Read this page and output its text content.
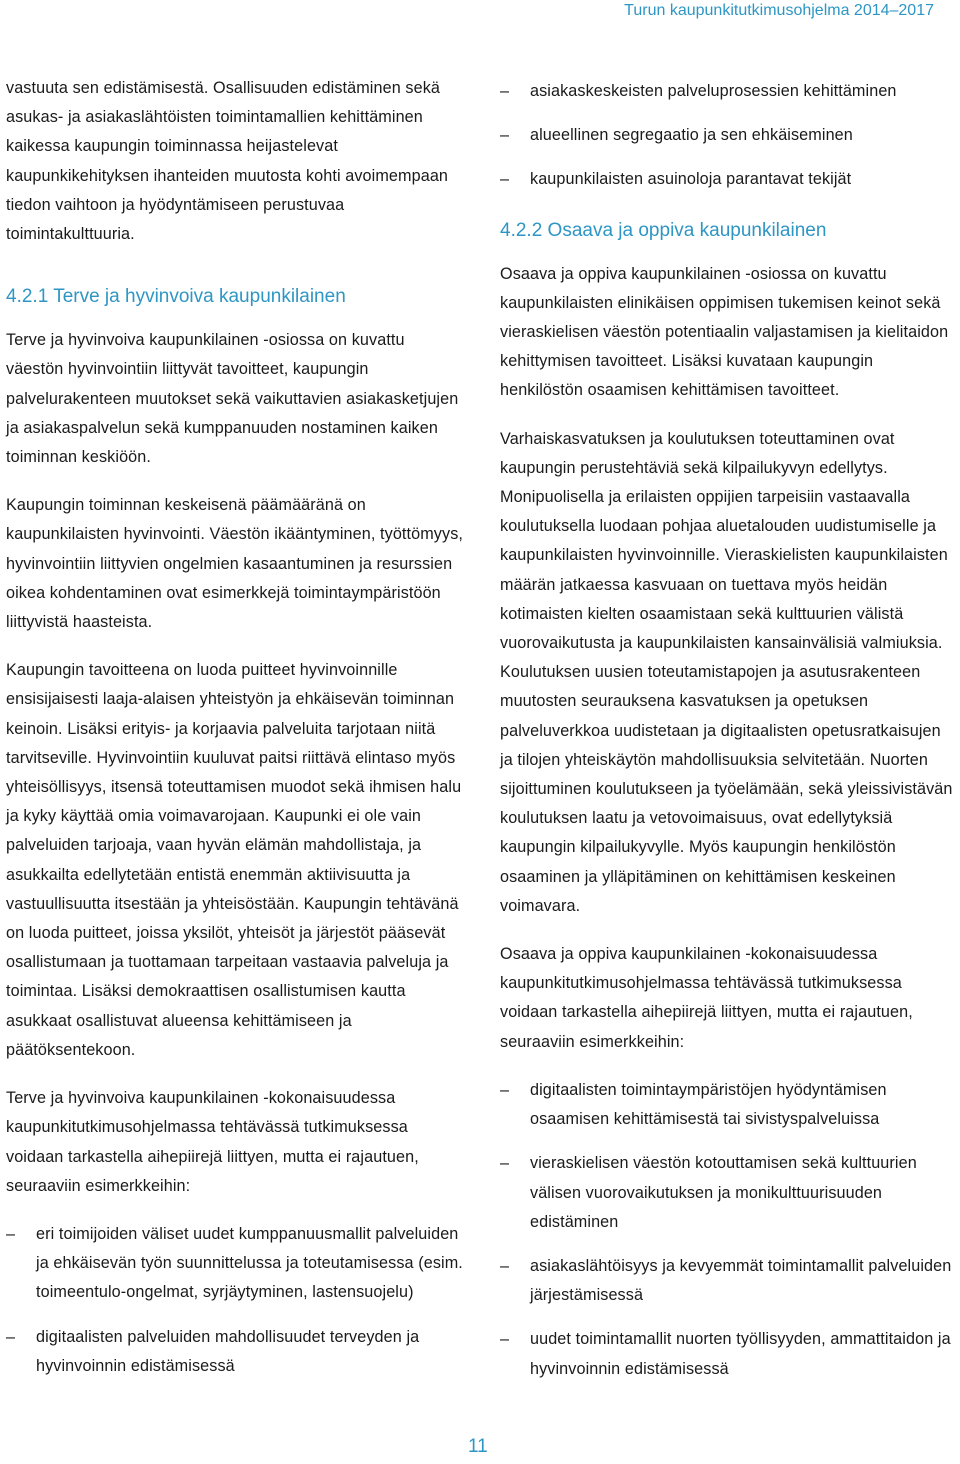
Turun kaupunkitutkimusohjelma 2014–2017

vastuuta sen edistämisestä. Osallisuuden edistäminen sekä asukas- ja asiakaslähtöisten toimintamallien kehittäminen kaikessa kaupungin toiminnassa heijastelevat kaupunkikehityksen ihanteiden muutosta kohti avoimempaan tiedon vaihtoon ja hyödyntämiseen perustuvaa toimintakulttuuria.

4.2.1 Terve ja hyvinvoiva kaupunkilainen

Terve ja hyvinvoiva kaupunkilainen -osiossa on kuvattu väestön hyvinvointiin liittyvät tavoitteet, kaupungin palvelurakenteen muutokset sekä vaikuttavien asiakasketjujen ja asiakaspalvelun sekä kumppanuuden nostaminen kaiken toiminnan keskiöön.

Kaupungin toiminnan keskeisenä päämääränä on kaupunkilaisten hyvinvointi. Väestön ikääntyminen, työttömyys, hyvinvointiin liittyvien ongelmien kasaantuminen ja resurssien oikea kohdentaminen ovat esimerkkejä toimintaympäristöön liittyvistä haasteista.

Kaupungin tavoitteena on luoda puitteet hyvinvoinnille ensisijaisesti laaja-alaisen yhteistyön ja ehkäisevän toiminnan keinoin. Lisäksi erityis- ja korjaavia palveluita tarjotaan niitä tarvitseville. Hyvinvointiin kuuluvat paitsi riittävä elintaso myös yhteisöllisyys, itsensä toteuttamisen muodot sekä ihmisen halu ja kyky käyttää omia voimavarojaan. Kaupunki ei ole vain palveluiden tarjoaja, vaan hyvän elämän mahdollistaja, ja asukkailta edellytetään entistä enemmän aktiivisuutta ja vastuullisuutta itsestään ja yhteisöstään. Kaupungin tehtävänä on luoda puitteet, joissa yksilöt, yhteisöt ja järjestöt pääsevät osallistumaan ja tuottamaan tarpeitaan vastaavia palveluja ja toimintaa. Lisäksi demokraattisen osallistumisen kautta asukkaat osallistuvat alueensa kehittämiseen ja päätöksentekoon.

Terve ja hyvinvoiva kaupunkilainen -kokonaisuudessa kaupunkitutkimusohjelmassa tehtävässä tutkimuksessa voidaan tarkastella aihepiirejä liittyen, mutta ei rajautuen, seuraaviin esimerkkeihin:

– eri toimijoiden väliset uudet kumppanuusmallit palveluiden ja ehkäisevän työn suunnittelussa ja toteutamisessa (esim. toimeentulo-ongelmat, syrjäytyminen, lastensuojelu)
– digitaalisten palveluiden mahdollisuudet terveyden ja hyvinvoinnin edistämisessä
– asiakaskeskeisten palveluprosessien kehittäminen
– alueellinen segregaatio ja sen ehkäiseminen
– kaupunkilaisten asuinoloja parantavat tekijät
4.2.2 Osaava ja oppiva kaupunkilainen

Osaava ja oppiva kaupunkilainen -osiossa on kuvattu kaupunkilaisten elinikäisen oppimisen tukemisen keinot sekä vieraskielisen väestön potentiaalin valjastamisen ja kielitaidon kehittymisen tavoitteet. Lisäksi kuvataan kaupungin henkilöstön osaamisen kehittämisen tavoitteet.

Varhaiskasvatuksen ja koulutuksen toteuttaminen ovat kaupungin perustehtäviä sekä kilpailukyvyn edellytys. Monipuolisella ja erilaisten oppijien tarpeisiin vastaavalla koulutuksella luodaan pohjaa aluetalouden uudistumiselle ja kaupunkilaisten hyvinvoinnille. Vieraskielisten kaupunkilaisten määrän jatkaessa kasvuaan on tuettava myös heidän kotimaisten kielten osaamistaan sekä kulttuurien välistä vuorovaikutusta ja kaupunkilaisten kansainvälisiä valmiuksia. Koulutuksen uusien toteutamistapojen ja asutusrakenteen muutosten seurauksena kasvatuksen ja opetuksen palveluverkkoa uudistetaan ja digitaalisten opetusratkaisujen ja tilojen yhteiskäytön mahdollisuuksia selvitetään. Nuorten sijoittuminen koulutukseen ja työelämään, sekä yleissivistävän koulutuksen laatu ja vetovoimaisuus, ovat edellytyksiä kaupungin kilpailukyvylle. Myös kaupungin henkilöstön osaaminen ja ylläpitäminen on kehittämisen keskeinen voimavara.

Osaava ja oppiva kaupunkilainen -kokonaisuudessa kaupunkitutkimusohjelmassa tehtävässä tutkimuksessa voidaan tarkastella aihepiirejä liittyen, mutta ei rajautuen, seuraaviin esimerkkeihin:

– digitaalisten toimintaympäristöjen hyödyntämisen osaamisen kehittämisestä tai sivistyspalveluissa
– vieraskielisen väestön kotouttamisen sekä kulttuurien välisen vuorovaikutuksen ja monikulttuurisuuden edistäminen
– asiakaslähtöisyys ja kevyemmät toimintamallit palveluiden järjestämisessä
– uudet toimintamallit nuorten työllisyyden, ammattitaidon ja hyvinvoinnin edistämisessä
11
